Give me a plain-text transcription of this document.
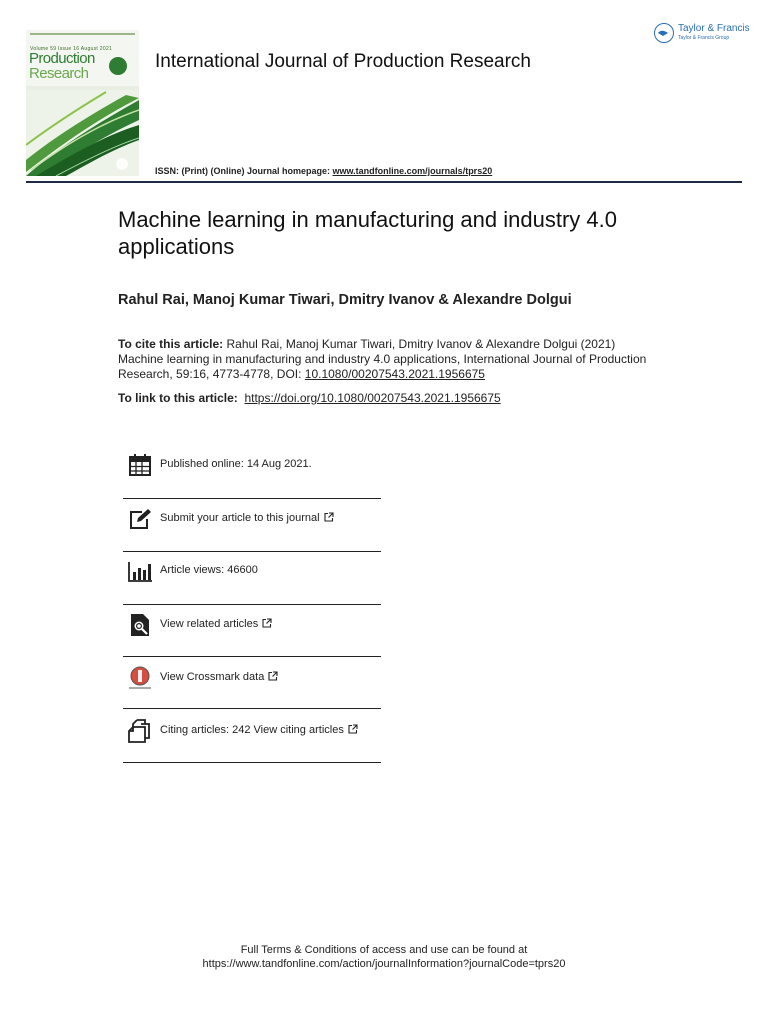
Volume 59 Issue 16 August 2021
Production
Research
International Journal of Production Research
Taylor & Francis
Taylor & Francis Group
ISSN: (Print) (Online) Journal homepage: www.tandfonline.com/journals/tprs20
Machine learning in manufacturing and industry 4.0 applications
Rahul Rai, Manoj Kumar Tiwari, Dmitry Ivanov & Alexandre Dolgui
To cite this article: Rahul Rai, Manoj Kumar Tiwari, Dmitry Ivanov & Alexandre Dolgui (2021) Machine learning in manufacturing and industry 4.0 applications, International Journal of Production Research, 59:16, 4773-4778, DOI: 10.1080/00207543.2021.1956675
To link to this article: https://doi.org/10.1080/00207543.2021.1956675
Published online: 14 Aug 2021.
Submit your article to this journal
Article views: 46600
View related articles
View Crossmark data
Citing articles: 242 View citing articles
Full Terms & Conditions of access and use can be found at
https://www.tandfonline.com/action/journalInformation?journalCode=tprs20
